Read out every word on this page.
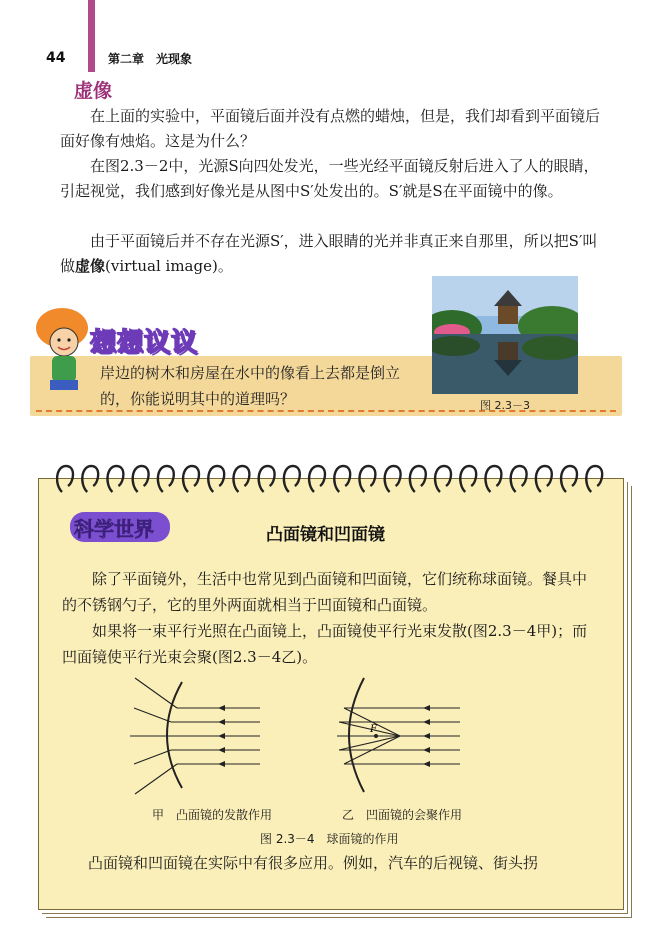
44	第二章　光现象
虚像
在上面的实验中，平面镜后面并没有点燃的蜡烛，但是，我们却看到平面镜后面好像有烛焰。这是为什么？
在图2.3－2中，光源S向四处发光，一些光经平面镜反射后进入了人的眼睛，引起视觉，我们感到好像光是从图中S′处发出的。S′就是S在平面镜中的像。
由于平面镜后并不存在光源S′，进入眼睛的光并非真正来自那里，所以把S′叫做虚像(virtual image)。
想想议议
岸边的树木和房屋在水中的像看上去都是倒立的，你能说明其中的道理吗？	图 2.3－3
科学世界	凸面镜和凹面镜
除了平面镜外，生活中也常见到凸面镜和凹面镜，它们统称球面镜。餐具中的不锈钢勺子，它的里外两面就相当于凹面镜和凸面镜。
如果将一束平行光照在凸面镜上，凸面镜使平行光束发散(图2.3－4甲)；而凹面镜使平行光束会聚(图2.3－4乙)。
F
甲　凸面镜的发散作用	乙　凹面镜的会聚作用
图 2.3－4　球面镜的作用
凸面镜和凹面镜在实际中有很多应用。例如，汽车的后视镜、街头拐
